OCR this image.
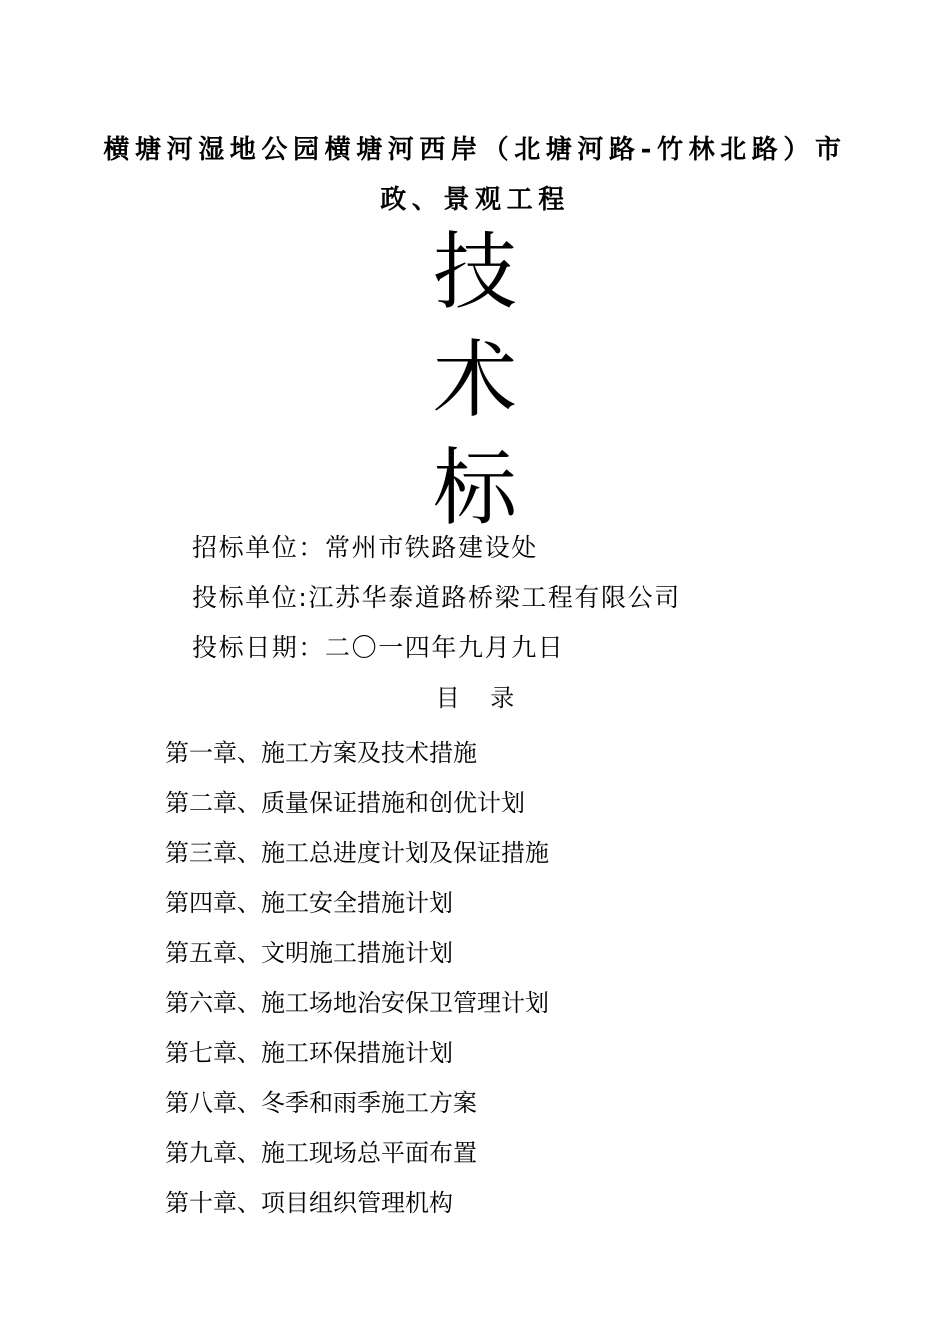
横塘河湿地公园横塘河西岸（北塘河路-竹林北路）市
政、景观工程
技
术
标
招标单位：常州市铁路建设处
投标单位:江苏华泰道路桥梁工程有限公司
投标日期：二〇一四年九月九日
目    录
第一章、施工方案及技术措施
第二章、质量保证措施和创优计划
第三章、施工总进度计划及保证措施
第四章、施工安全措施计划
第五章、文明施工措施计划
第六章、施工场地治安保卫管理计划
第七章、施工环保措施计划
第八章、冬季和雨季施工方案
第九章、施工现场总平面布置
第十章、项目组织管理机构
